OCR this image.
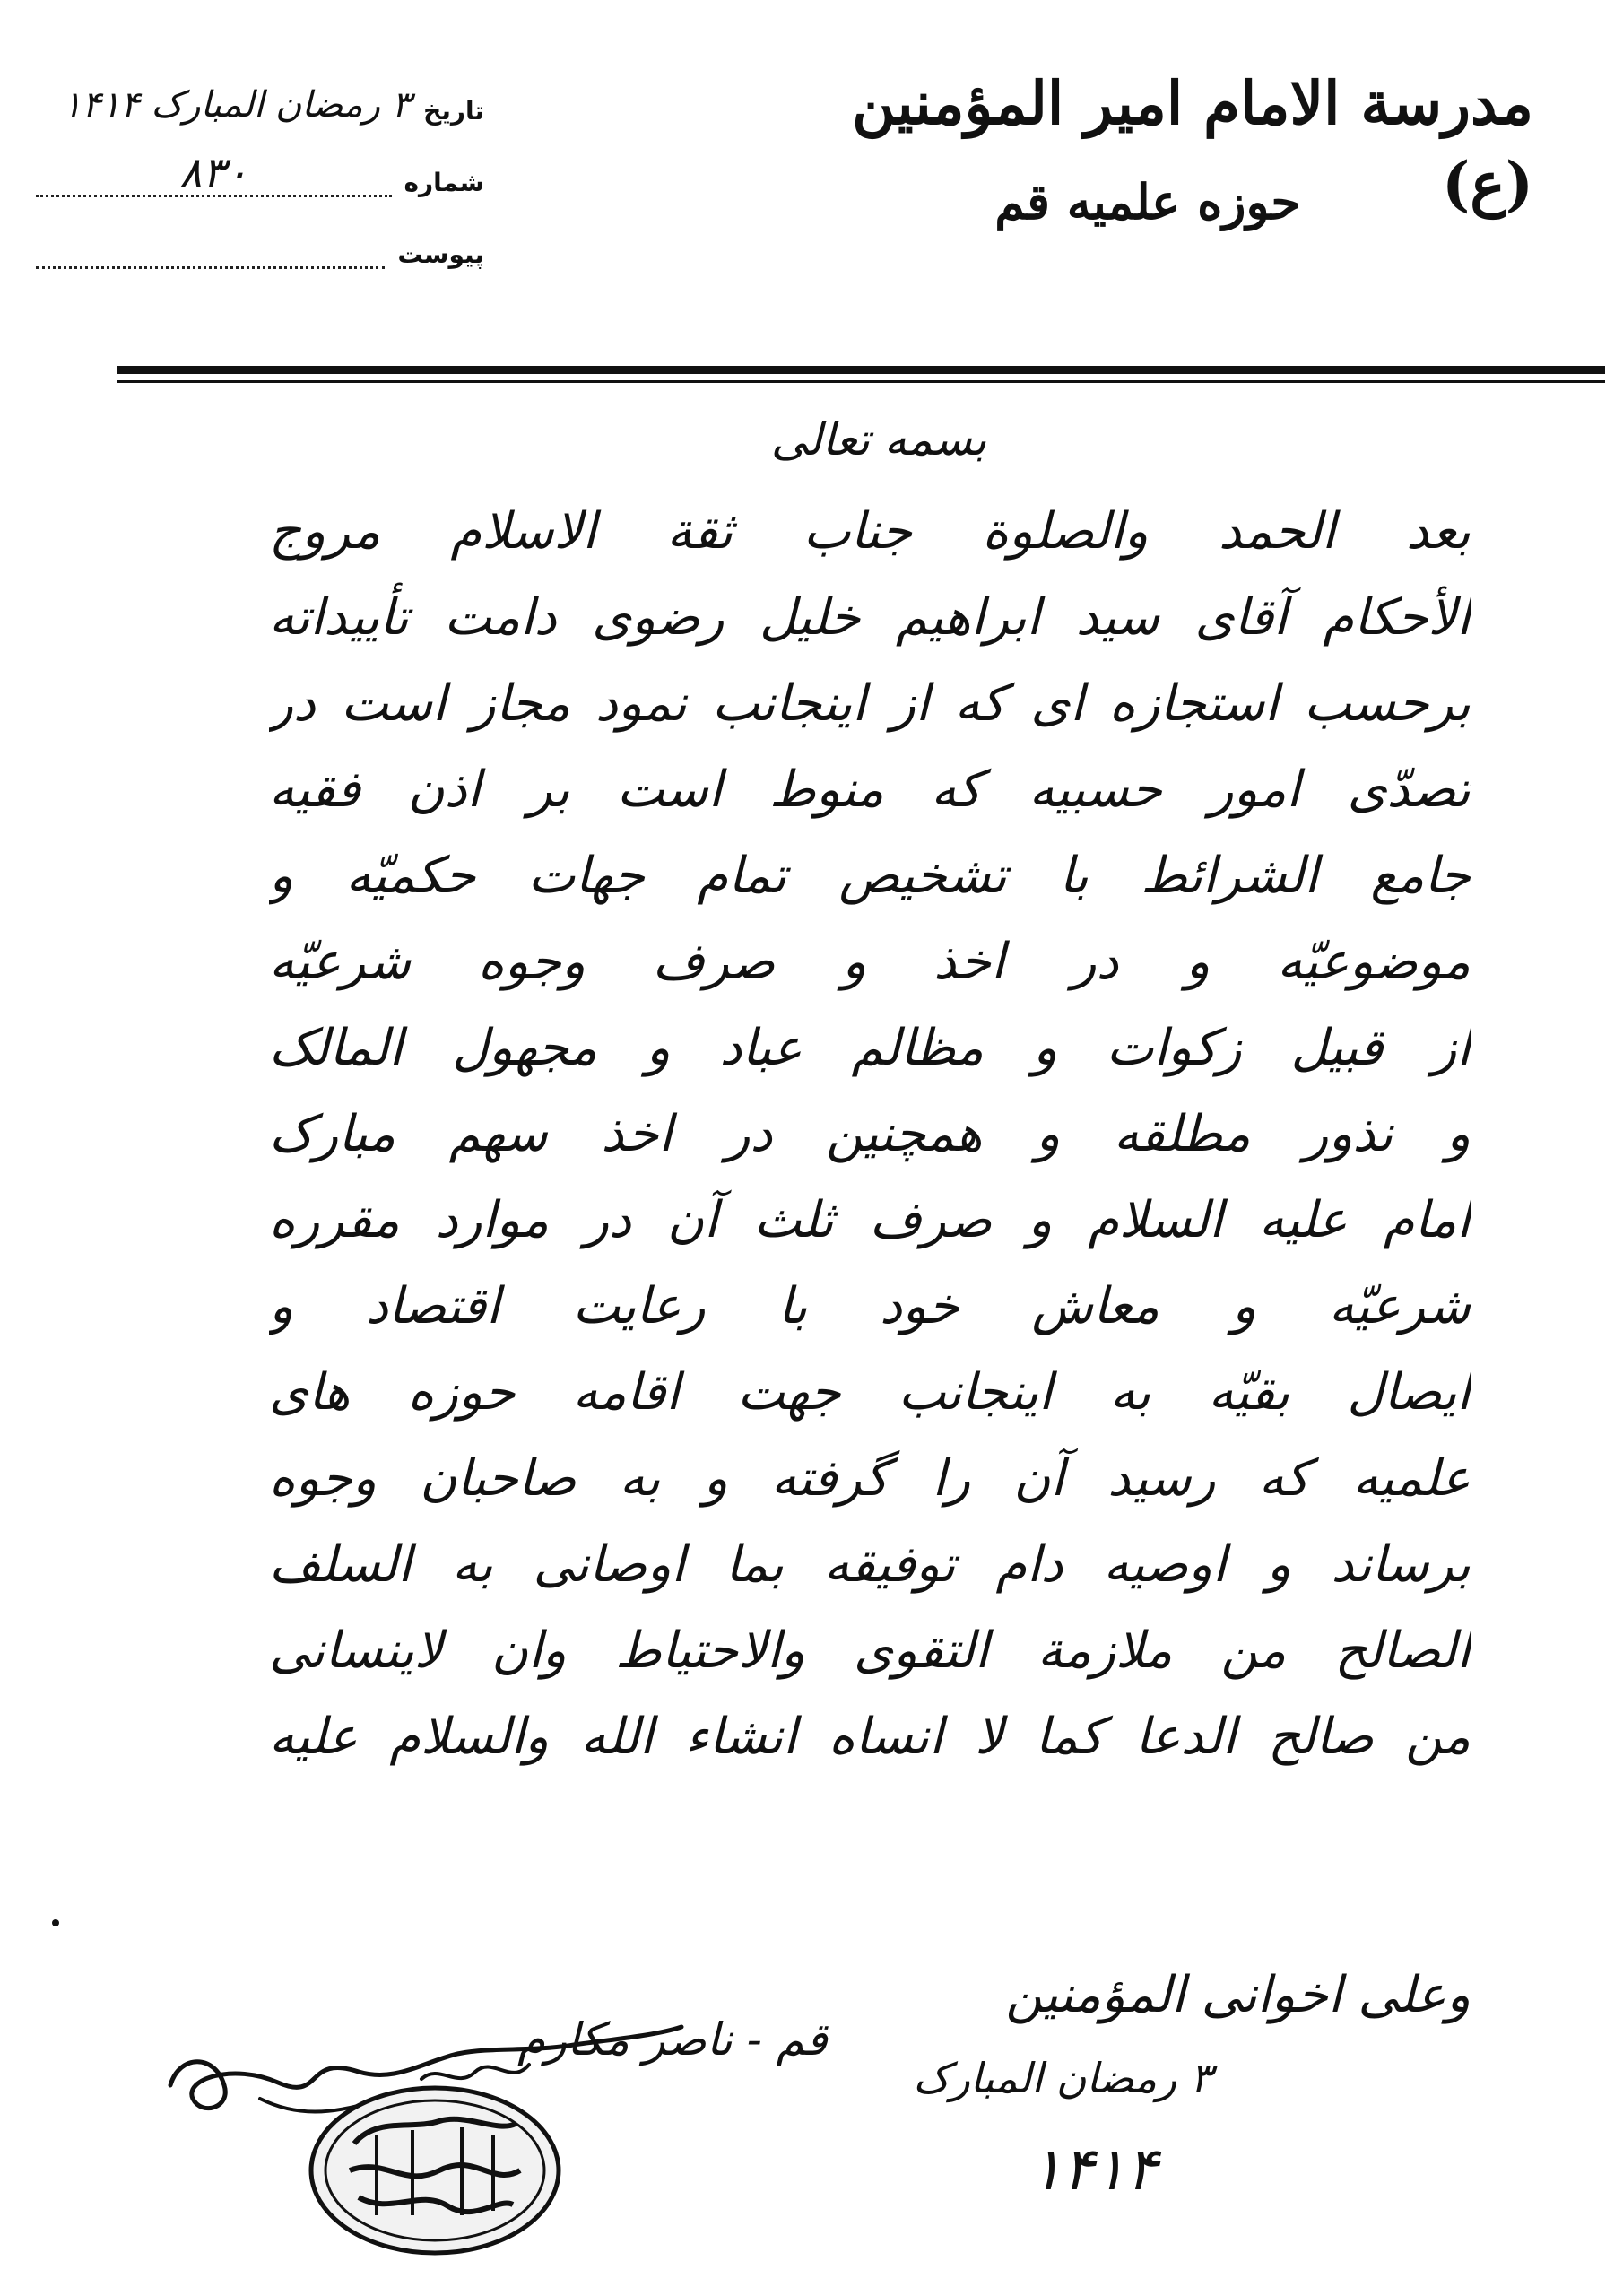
مدرسة الامام امیر المؤمنین (ع)
حوزه علمیه قم
تاریخ
۳ رمضان المبارک ۱۴۱۴
شماره
۸۳۰
پیوست
بسمه تعالی
بعد الحمد والصلوة جناب ثقة الاسلام مروج
الأحکام آقای سید ابراهیم خلیل رضوی دامت تأییداته
برحسب استجازه ای که از اینجانب نمود مجاز است در
تصدّی امور حسبیه که منوط است بر اذن فقیه
جامع الشرائط با تشخیص تمام جهات حکمیّه و
موضوعیّه و در اخذ و صرف وجوه شرعیّه
از قبیل زکوات و مظالم عباد و مجهول المالک
و نذور مطلقه و همچنین در اخذ سهم مبارک
امام علیه السلام و صرف ثلث آن در موارد مقرره
شرعیّه و معاش خود با رعایت اقتصاد و
ایصال بقیّه به اینجانب جهت اقامه حوزه های
علمیه که رسید آن را گرفته و به صاحبان وجوه
برساند و اوصیه دام توفیقه بما اوصانی به السلف
الصالح من ملازمة التقوی والاحتیاط وان لاینسانی
من صالح الدعا کما لا انساه انشاء الله والسلام علیه
وعلی اخوانی المؤمنین
قم - ناصر مکارم
۳ رمضان المبارک
۱۴۱۴
